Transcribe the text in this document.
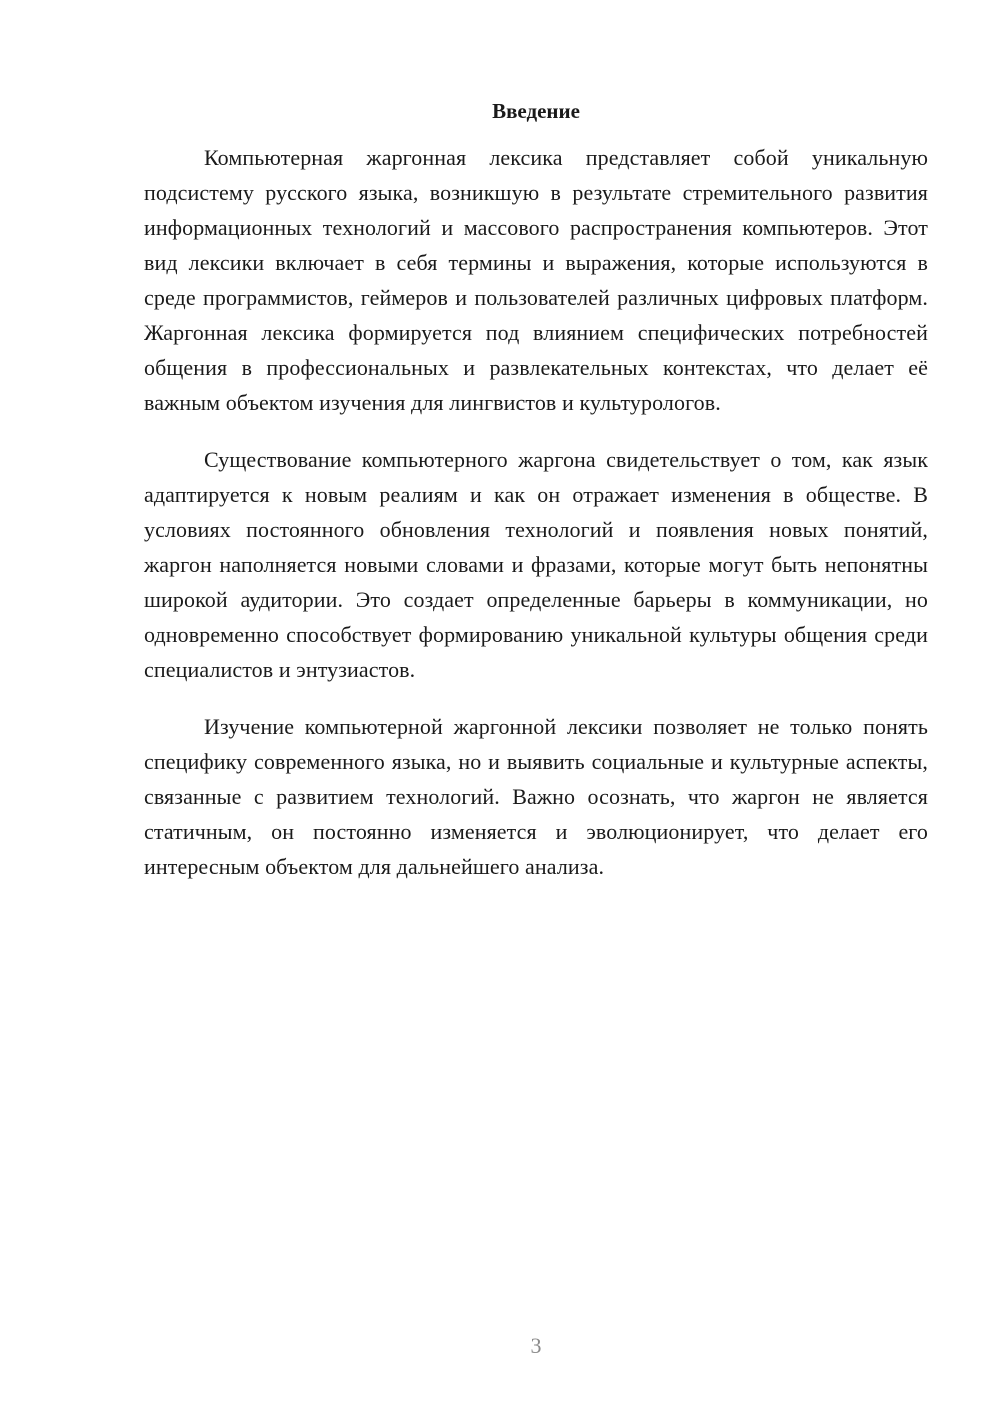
Введение

Компьютерная жаргонная лексика представляет собой уникальную подсистему русского языка, возникшую в результате стремительного развития информационных технологий и массового распространения компьютеров. Этот вид лексики включает в себя термины и выражения, которые используются в среде программистов, геймеров и пользователей различных цифровых платформ. Жаргонная лексика формируется под влиянием специфических потребностей общения в профессиональных и развлекательных контекстах, что делает её важным объектом изучения для лингвистов и культурологов.

Существование компьютерного жаргона свидетельствует о том, как язык адаптируется к новым реалиям и как он отражает изменения в обществе. В условиях постоянного обновления технологий и появления новых понятий, жаргон наполняется новыми словами и фразами, которые могут быть непонятны широкой аудитории. Это создает определенные барьеры в коммуникации, но одновременно способствует формированию уникальной культуры общения среди специалистов и энтузиастов.

Изучение компьютерной жаргонной лексики позволяет не только понять специфику современного языка, но и выявить социальные и культурные аспекты, связанные с развитием технологий. Важно осознать, что жаргон не является статичным, он постоянно изменяется и эволюционирует, что делает его интересным объектом для дальнейшего анализа.

3
